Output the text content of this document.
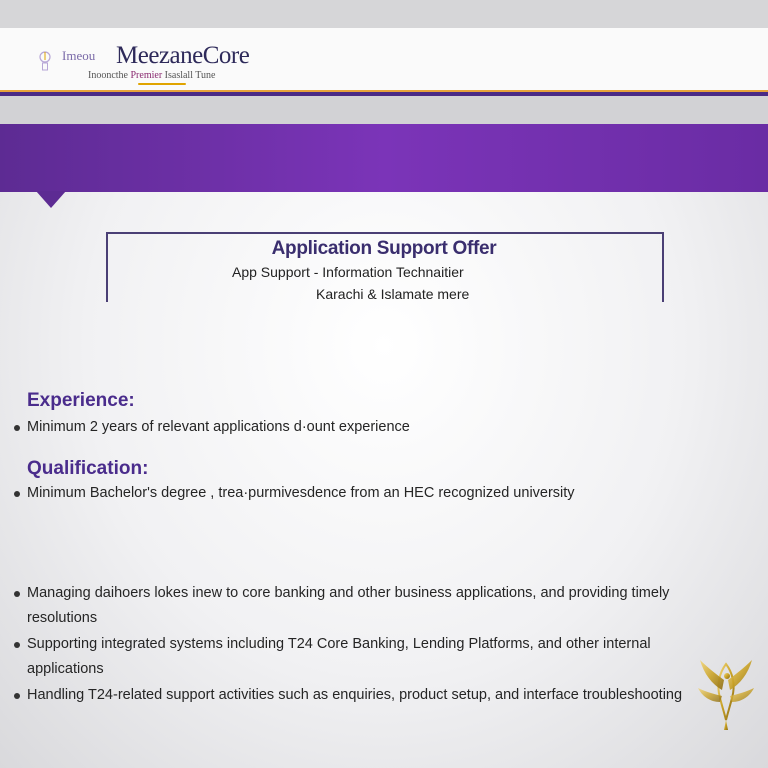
Imeou MeezaneCore
Inooncthe Premier Isaslall Tune
Application Support Offer
App Support - Information Technaitier
Karachi & Islamate mere
Experience:
Minimum 2 years of relevant applications d·ount experience
Qualification:
Minimum Bachelor's degree , trea·purmivesdence from an HEC recognized university
Managing daihoers lokes inew to core banking and other business applications, and providing timely resolutions
Supporting integrated systems including T24 Core Banking, Lending Platforms, and other internal applications
Handling T24-related support activities such as enquiries, product setup, and interface troubleshooting
